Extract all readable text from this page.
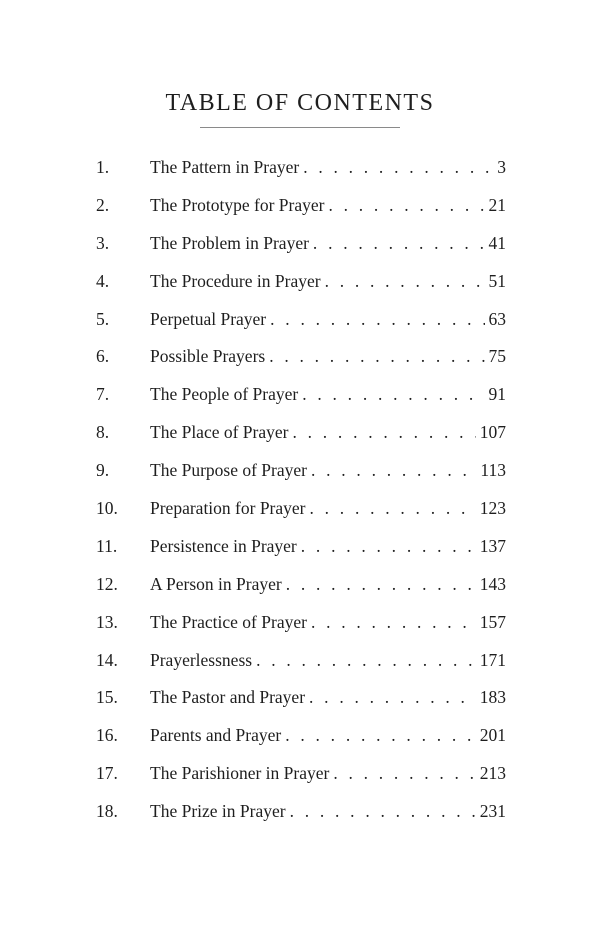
TABLE OF CONTENTS
1.	The Pattern in Prayer . . .	3
2.	The Prototype for Prayer . . .	21
3.	The Problem in Prayer . . .	41
4.	The Procedure in Prayer . . .	51
5.	Perpetual Prayer . . .	63
6.	Possible Prayers . . .	75
7.	The People of Prayer . . .	91
8.	The Place of Prayer . . .	107
9.	The Purpose of Prayer . . .	113
10.	Preparation for Prayer . . .	123
11.	Persistence in Prayer . . .	137
12.	A Person in Prayer . . .	143
13.	The Practice of Prayer . . .	157
14.	Prayerlessness . . .	171
15.	The Pastor and Prayer . . .	183
16.	Parents and Prayer . . .	201
17.	The Parishioner in Prayer . . .	213
18.	The Prize in Prayer . . .	231
